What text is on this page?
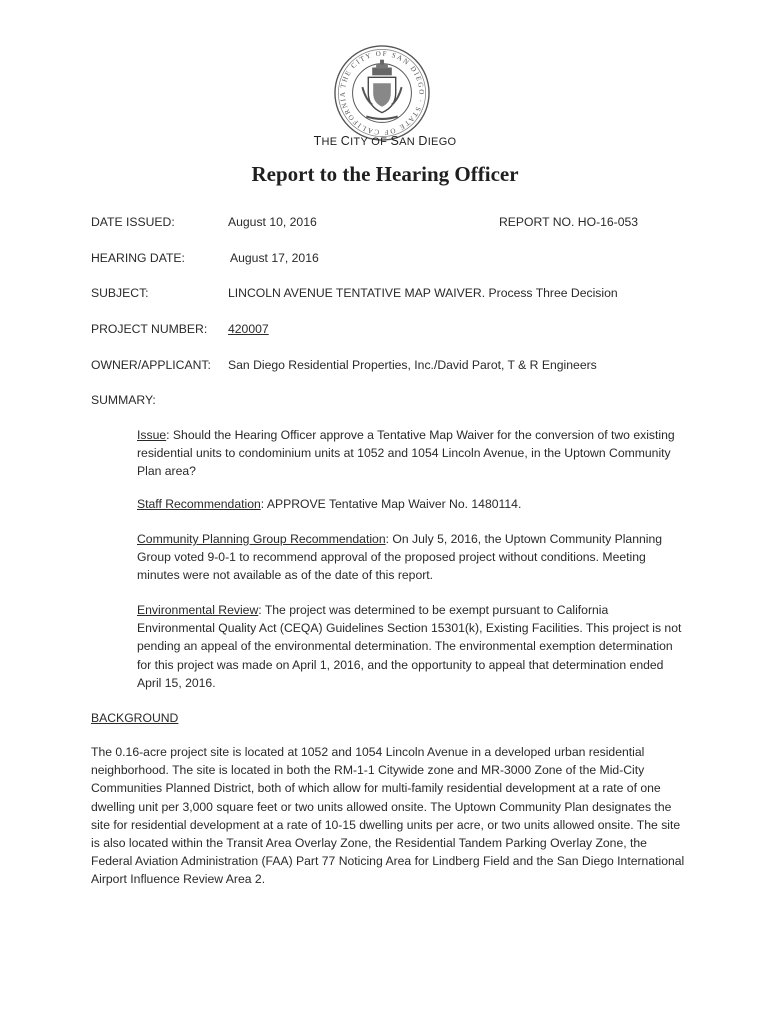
THE CITY OF SAN DIEGO · STATE OF CALIFORNIA
THE CITY OF SAN DIEGO
Report to the Hearing Officer
DATE ISSUED:	August 10, 2016	REPORT NO. HO-16-053
HEARING DATE:	August 17, 2016
SUBJECT:	LINCOLN AVENUE TENTATIVE MAP WAIVER. Process Three Decision
PROJECT NUMBER: 420007
OWNER/APPLICANT: San Diego Residential Properties, Inc./David Parot, T & R Engineers
SUMMARY:
Issue: Should the Hearing Officer approve a Tentative Map Waiver for the conversion of two existing residential units to condominium units at 1052 and 1054 Lincoln Avenue, in the Uptown Community Plan area?
Staff Recommendation: APPROVE Tentative Map Waiver No. 1480114.
Community Planning Group Recommendation: On July 5, 2016, the Uptown Community Planning Group voted 9-0-1 to recommend approval of the proposed project without conditions. Meeting minutes were not available as of the date of this report.
Environmental Review: The project was determined to be exempt pursuant to California Environmental Quality Act (CEQA) Guidelines Section 15301(k), Existing Facilities. This project is not pending an appeal of the environmental determination. The environmental exemption determination for this project was made on April 1, 2016, and the opportunity to appeal that determination ended April 15, 2016.
BACKGROUND
The 0.16-acre project site is located at 1052 and 1054 Lincoln Avenue in a developed urban residential neighborhood. The site is located in both the RM-1-1 Citywide zone and MR-3000 Zone of the Mid-City Communities Planned District, both of which allow for multi-family residential development at a rate of one dwelling unit per 3,000 square feet or two units allowed onsite. The Uptown Community Plan designates the site for residential development at a rate of 10-15 dwelling units per acre, or two units allowed onsite. The site is also located within the Transit Area Overlay Zone, the Residential Tandem Parking Overlay Zone, the Federal Aviation Administration (FAA) Part 77 Noticing Area for Lindberg Field and the San Diego International Airport Influence Review Area 2.
